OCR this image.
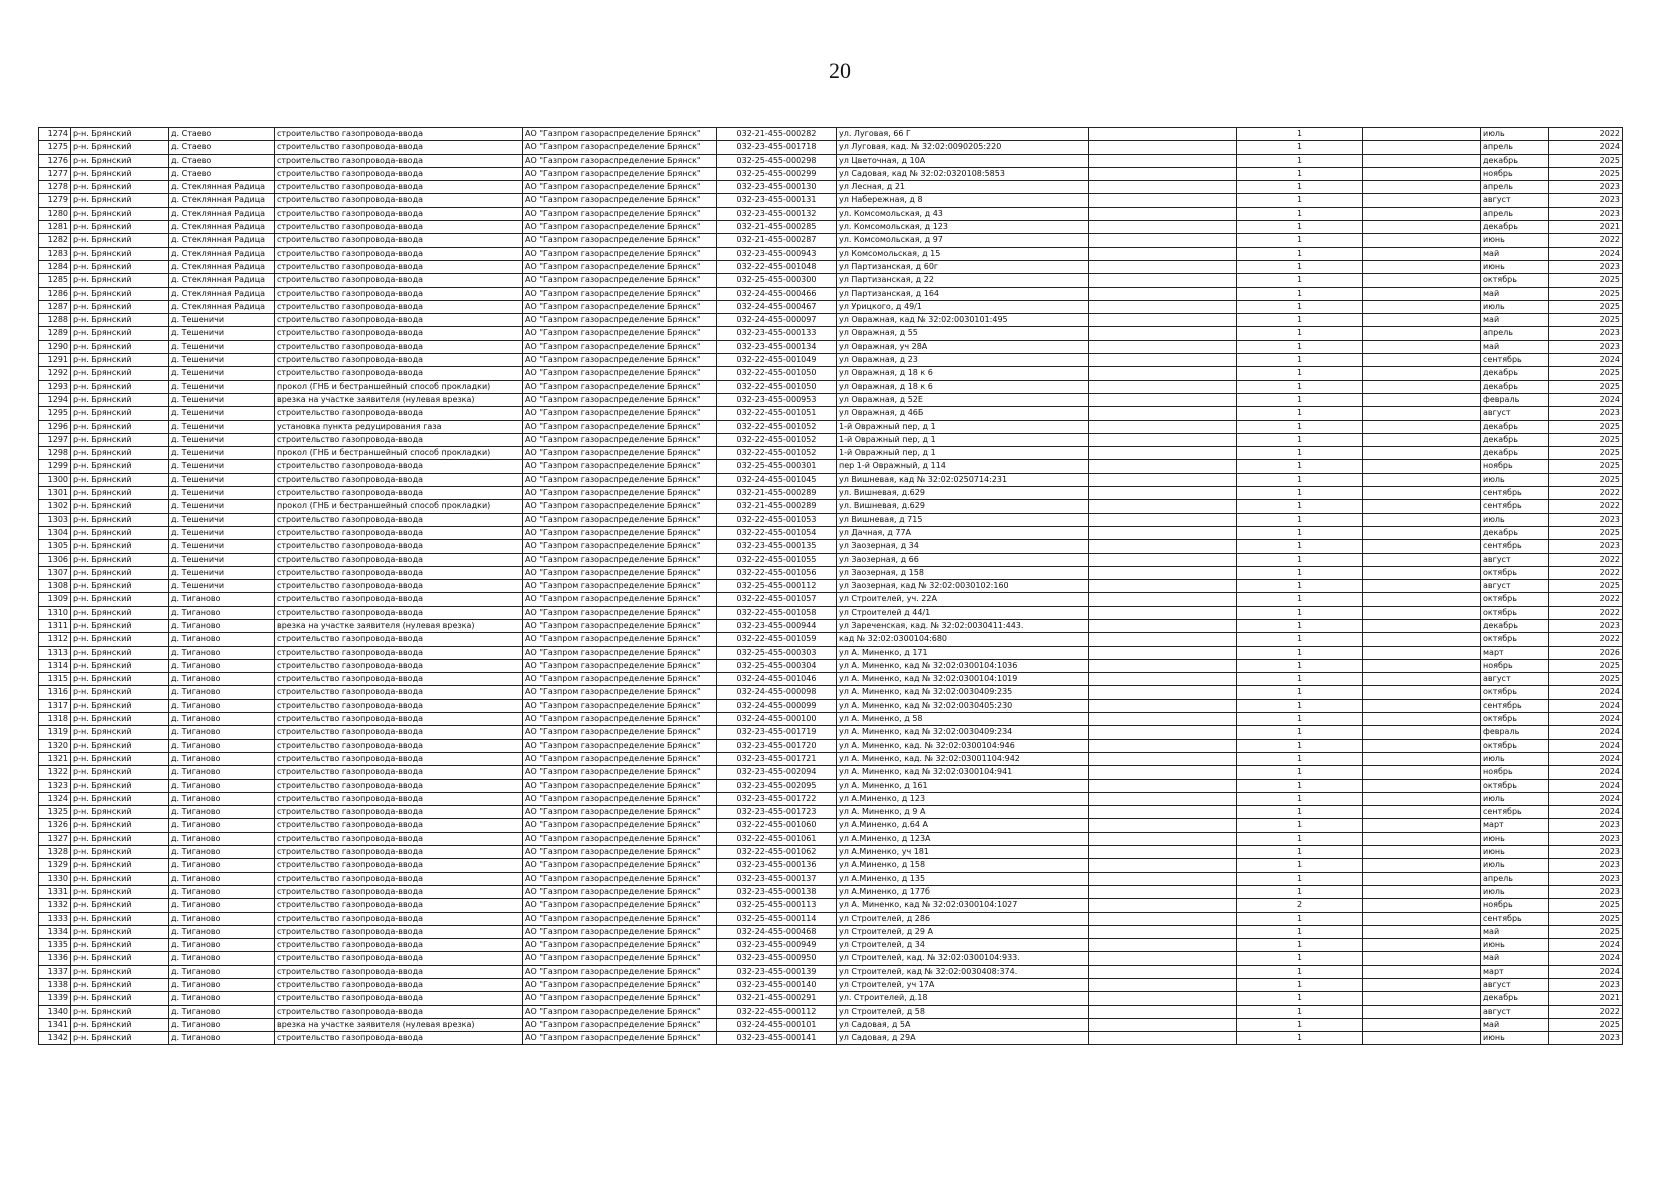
20
1274	р-н. Брянский	д. Стаево	строительство газопровода-ввода	АО "Газпром газораспределение Брянск"	032-21-455-000282	ул. Луговая, 66 Г		1		июль	2022
1275	р-н. Брянский	д. Стаево	строительство газопровода-ввода	АО "Газпром газораспределение Брянск"	032-23-455-001718	ул Луговая, кад. № 32:02:0090205:220		1		апрель	2024
1276	р-н. Брянский	д. Стаево	строительство газопровода-ввода	АО "Газпром газораспределение Брянск"	032-25-455-000298	ул Цветочная, д 10А		1		декабрь	2025
1277	р-н. Брянский	д. Стаево	строительство газопровода-ввода	АО "Газпром газораспределение Брянск"	032-25-455-000299	ул Садовая, кад № 32:02:0320108:5853		1		ноябрь	2025
1278	р-н. Брянский	д. Стеклянная Радица	строительство газопровода-ввода	АО "Газпром газораспределение Брянск"	032-23-455-000130	ул Лесная, д 21		1		апрель	2023
1279	р-н. Брянский	д. Стеклянная Радица	строительство газопровода-ввода	АО "Газпром газораспределение Брянск"	032-23-455-000131	ул Набережная, д 8		1		август	2023
1280	р-н. Брянский	д. Стеклянная Радица	строительство газопровода-ввода	АО "Газпром газораспределение Брянск"	032-23-455-000132	ул. Комсомольская, д 43		1		апрель	2023
1281	р-н. Брянский	д. Стеклянная Радица	строительство газопровода-ввода	АО "Газпром газораспределение Брянск"	032-21-455-000285	ул. Комсомольская, д 123		1		декабрь	2021
1282	р-н. Брянский	д. Стеклянная Радица	строительство газопровода-ввода	АО "Газпром газораспределение Брянск"	032-21-455-000287	ул. Комсомольская, д 97		1		июнь	2022
1283	р-н. Брянский	д. Стеклянная Радица	строительство газопровода-ввода	АО "Газпром газораспределение Брянск"	032-23-455-000943	ул Комсомольская, д 15		1		май	2024
1284	р-н. Брянский	д. Стеклянная Радица	строительство газопровода-ввода	АО "Газпром газораспределение Брянск"	032-22-455-001048	ул Партизанская, д 60г		1		июнь	2023
1285	р-н. Брянский	д. Стеклянная Радица	строительство газопровода-ввода	АО "Газпром газораспределение Брянск"	032-25-455-000300	ул Партизанская, д 22		1		октябрь	2025
1286	р-н. Брянский	д. Стеклянная Радица	строительство газопровода-ввода	АО "Газпром газораспределение Брянск"	032-24-455-000466	ул Партизанская, д 164		1		май	2025
1287	р-н. Брянский	д. Стеклянная Радица	строительство газопровода-ввода	АО "Газпром газораспределение Брянск"	032-24-455-000467	ул Урицкого, д 49/1		1		июль	2025
1288	р-н. Брянский	д. Тешеничи	строительство газопровода-ввода	АО "Газпром газораспределение Брянск"	032-24-455-000097	ул Овражная, кад № 32:02:0030101:495		1		май	2025
1289	р-н. Брянский	д. Тешеничи	строительство газопровода-ввода	АО "Газпром газораспределение Брянск"	032-23-455-000133	ул Овражная, д 55		1		апрель	2023
1290	р-н. Брянский	д. Тешеничи	строительство газопровода-ввода	АО "Газпром газораспределение Брянск"	032-23-455-000134	ул Овражная, уч 28А		1		май	2023
1291	р-н. Брянский	д. Тешеничи	строительство газопровода-ввода	АО "Газпром газораспределение Брянск"	032-22-455-001049	ул Овражная, д 23		1		сентябрь	2024
1292	р-н. Брянский	д. Тешеничи	строительство газопровода-ввода	АО "Газпром газораспределение Брянск"	032-22-455-001050	ул Овражная, д 18 к 6		1		декабрь	2025
1293	р-н. Брянский	д. Тешеничи	прокол (ГНБ и бестраншейный способ прокладки)	АО "Газпром газораспределение Брянск"	032-22-455-001050	ул Овражная, д 18 к 6		1		декабрь	2025
1294	р-н. Брянский	д. Тешеничи	врезка на участке заявителя (нулевая врезка)	АО "Газпром газораспределение Брянск"	032-23-455-000953	ул Овражная, д 52Е		1		февраль	2024
1295	р-н. Брянский	д. Тешеничи	строительство газопровода-ввода	АО "Газпром газораспределение Брянск"	032-22-455-001051	ул Овражная, д 46Б		1		август	2023
1296	р-н. Брянский	д. Тешеничи	установка пункта редуцирования газа	АО "Газпром газораспределение Брянск"	032-22-455-001052	1-й Овражный пер, д 1		1		декабрь	2025
1297	р-н. Брянский	д. Тешеничи	строительство газопровода-ввода	АО "Газпром газораспределение Брянск"	032-22-455-001052	1-й Овражный пер, д 1		1		декабрь	2025
1298	р-н. Брянский	д. Тешеничи	прокол (ГНБ и бестраншейный способ прокладки)	АО "Газпром газораспределение Брянск"	032-22-455-001052	1-й Овражный пер, д 1		1		декабрь	2025
1299	р-н. Брянский	д. Тешеничи	строительство газопровода-ввода	АО "Газпром газораспределение Брянск"	032-25-455-000301	пер 1-й Овражный, д 114		1		ноябрь	2025
1300	р-н. Брянский	д. Тешеничи	строительство газопровода-ввода	АО "Газпром газораспределение Брянск"	032-24-455-001045	ул Вишневая, кад № 32:02:0250714:231		1		июль	2025
1301	р-н. Брянский	д. Тешеничи	строительство газопровода-ввода	АО "Газпром газораспределение Брянск"	032-21-455-000289	ул. Вишневая, д.629		1		сентябрь	2022
1302	р-н. Брянский	д. Тешеничи	прокол (ГНБ и бестраншейный способ прокладки)	АО "Газпром газораспределение Брянск"	032-21-455-000289	ул. Вишневая, д.629		1		сентябрь	2022
1303	р-н. Брянский	д. Тешеничи	строительство газопровода-ввода	АО "Газпром газораспределение Брянск"	032-22-455-001053	ул Вишневая, д 715		1		июль	2023
1304	р-н. Брянский	д. Тешеничи	строительство газопровода-ввода	АО "Газпром газораспределение Брянск"	032-22-455-001054	ул Дачная, д 77А		1		декабрь	2025
1305	р-н. Брянский	д. Тешеничи	строительство газопровода-ввода	АО "Газпром газораспределение Брянск"	032-23-455-000135	ул Заозерная, д 34		1		сентябрь	2023
1306	р-н. Брянский	д. Тешеничи	строительство газопровода-ввода	АО "Газпром газораспределение Брянск"	032-22-455-001055	ул Заозерная, д 66		1		август	2022
1307	р-н. Брянский	д. Тешеничи	строительство газопровода-ввода	АО "Газпром газораспределение Брянск"	032-22-455-001056	ул Заозерная, д 158		1		октябрь	2022
1308	р-н. Брянский	д. Тешеничи	строительство газопровода-ввода	АО "Газпром газораспределение Брянск"	032-25-455-000112	ул Заозерная, кад № 32:02:0030102:160		1		август	2025
1309	р-н. Брянский	д. Тиганово	строительство газопровода-ввода	АО "Газпром газораспределение Брянск"	032-22-455-001057	ул Строителей, уч. 22А		1		октябрь	2022
1310	р-н. Брянский	д. Тиганово	строительство газопровода-ввода	АО "Газпром газораспределение Брянск"	032-22-455-001058	ул Строителей д 44/1		1		октябрь	2022
1311	р-н. Брянский	д. Тиганово	врезка на участке заявителя (нулевая врезка)	АО "Газпром газораспределение Брянск"	032-23-455-000944	ул Зареченская, кад. № 32:02:0030411:443.		1		декабрь	2023
1312	р-н. Брянский	д. Тиганово	строительство газопровода-ввода	АО "Газпром газораспределение Брянск"	032-22-455-001059	кад № 32:02:0300104:680		1		октябрь	2022
1313	р-н. Брянский	д. Тиганово	строительство газопровода-ввода	АО "Газпром газораспределение Брянск"	032-25-455-000303	ул А. Миненко, д 171		1		март	2026
1314	р-н. Брянский	д. Тиганово	строительство газопровода-ввода	АО "Газпром газораспределение Брянск"	032-25-455-000304	ул А. Миненко, кад № 32:02:0300104:1036		1		ноябрь	2025
1315	р-н. Брянский	д. Тиганово	строительство газопровода-ввода	АО "Газпром газораспределение Брянск"	032-24-455-001046	ул А. Миненко, кад № 32:02:0300104:1019		1		август	2025
1316	р-н. Брянский	д. Тиганово	строительство газопровода-ввода	АО "Газпром газораспределение Брянск"	032-24-455-000098	ул А. Миненко, кад № 32:02:0030409:235		1		октябрь	2024
1317	р-н. Брянский	д. Тиганово	строительство газопровода-ввода	АО "Газпром газораспределение Брянск"	032-24-455-000099	ул А. Миненко, кад № 32:02:0030405:230		1		сентябрь	2024
1318	р-н. Брянский	д. Тиганово	строительство газопровода-ввода	АО "Газпром газораспределение Брянск"	032-24-455-000100	ул А. Миненко, д 58		1		октябрь	2024
1319	р-н. Брянский	д. Тиганово	строительство газопровода-ввода	АО "Газпром газораспределение Брянск"	032-23-455-001719	ул А. Миненко, кад № 32:02:0030409:234		1		февраль	2024
1320	р-н. Брянский	д. Тиганово	строительство газопровода-ввода	АО "Газпром газораспределение Брянск"	032-23-455-001720	ул А. Миненко, кад. № 32:02:0300104:946		1		октябрь	2024
1321	р-н. Брянский	д. Тиганово	строительство газопровода-ввода	АО "Газпром газораспределение Брянск"	032-23-455-001721	ул А. Миненко, кад. № 32:02:03001104:942		1		июль	2024
1322	р-н. Брянский	д. Тиганово	строительство газопровода-ввода	АО "Газпром газораспределение Брянск"	032-23-455-002094	ул А. Миненко, кад № 32:02:0300104:941		1		ноябрь	2024
1323	р-н. Брянский	д. Тиганово	строительство газопровода-ввода	АО "Газпром газораспределение Брянск"	032-23-455-002095	ул А. Миненко, д 161		1		октябрь	2024
1324	р-н. Брянский	д. Тиганово	строительство газопровода-ввода	АО "Газпром газораспределение Брянск"	032-23-455-001722	ул А.Миненко, д 123		1		июль	2024
1325	р-н. Брянский	д. Тиганово	строительство газопровода-ввода	АО "Газпром газораспределение Брянск"	032-23-455-001723	ул А. Миненко, д 9 А		1		сентябрь	2024
1326	р-н. Брянский	д. Тиганово	строительство газопровода-ввода	АО "Газпром газораспределение Брянск"	032-22-455-001060	ул А.Миненко, д.64 А		1		март	2023
1327	р-н. Брянский	д. Тиганово	строительство газопровода-ввода	АО "Газпром газораспределение Брянск"	032-22-455-001061	ул А.Миненко, д 123А		1		июнь	2023
1328	р-н. Брянский	д. Тиганово	строительство газопровода-ввода	АО "Газпром газораспределение Брянск"	032-22-455-001062	ул А.Миненко, уч 181		1		июнь	2023
1329	р-н. Брянский	д. Тиганово	строительство газопровода-ввода	АО "Газпром газораспределение Брянск"	032-23-455-000136	ул А.Миненко, д 158		1		июль	2023
1330	р-н. Брянский	д. Тиганово	строительство газопровода-ввода	АО "Газпром газораспределение Брянск"	032-23-455-000137	ул А.Миненко, д 135		1		апрель	2023
1331	р-н. Брянский	д. Тиганово	строительство газопровода-ввода	АО "Газпром газораспределение Брянск"	032-23-455-000138	ул А.Миненко, д 177б		1		июль	2023
1332	р-н. Брянский	д. Тиганово	строительство газопровода-ввода	АО "Газпром газораспределение Брянск"	032-25-455-000113	ул А. Миненко, кад № 32:02:0300104:1027		2		ноябрь	2025
1333	р-н. Брянский	д. Тиганово	строительство газопровода-ввода	АО "Газпром газораспределение Брянск"	032-25-455-000114	ул Строителей, д 286		1		сентябрь	2025
1334	р-н. Брянский	д. Тиганово	строительство газопровода-ввода	АО "Газпром газораспределение Брянск"	032-24-455-000468	ул Строителей, д 29 А		1		май	2025
1335	р-н. Брянский	д. Тиганово	строительство газопровода-ввода	АО "Газпром газораспределение Брянск"	032-23-455-000949	ул Строителей, д 34		1		июнь	2024
1336	р-н. Брянский	д. Тиганово	строительство газопровода-ввода	АО "Газпром газораспределение Брянск"	032-23-455-000950	ул Строителей, кад. № 32:02:0300104:933.		1		май	2024
1337	р-н. Брянский	д. Тиганово	строительство газопровода-ввода	АО "Газпром газораспределение Брянск"	032-23-455-000139	ул Строителей, кад № 32:02:0030408:374.		1		март	2024
1338	р-н. Брянский	д. Тиганово	строительство газопровода-ввода	АО "Газпром газораспределение Брянск"	032-23-455-000140	ул Строителей, уч 17А		1		август	2023
1339	р-н. Брянский	д. Тиганово	строительство газопровода-ввода	АО "Газпром газораспределение Брянск"	032-21-455-000291	ул. Строителей, д.18		1		декабрь	2021
1340	р-н. Брянский	д. Тиганово	строительство газопровода-ввода	АО "Газпром газораспределение Брянск"	032-22-455-000112	ул Строителей, д 58		1		август	2022
1341	р-н. Брянский	д. Тиганово	врезка на участке заявителя (нулевая врезка)	АО "Газпром газораспределение Брянск"	032-24-455-000101	ул Садовая, д 5А		1		май	2025
1342	р-н. Брянский	д. Тиганово	строительство газопровода-ввода	АО "Газпром газораспределение Брянск"	032-23-455-000141	ул Садовая, д 29А		1		июнь	2023
